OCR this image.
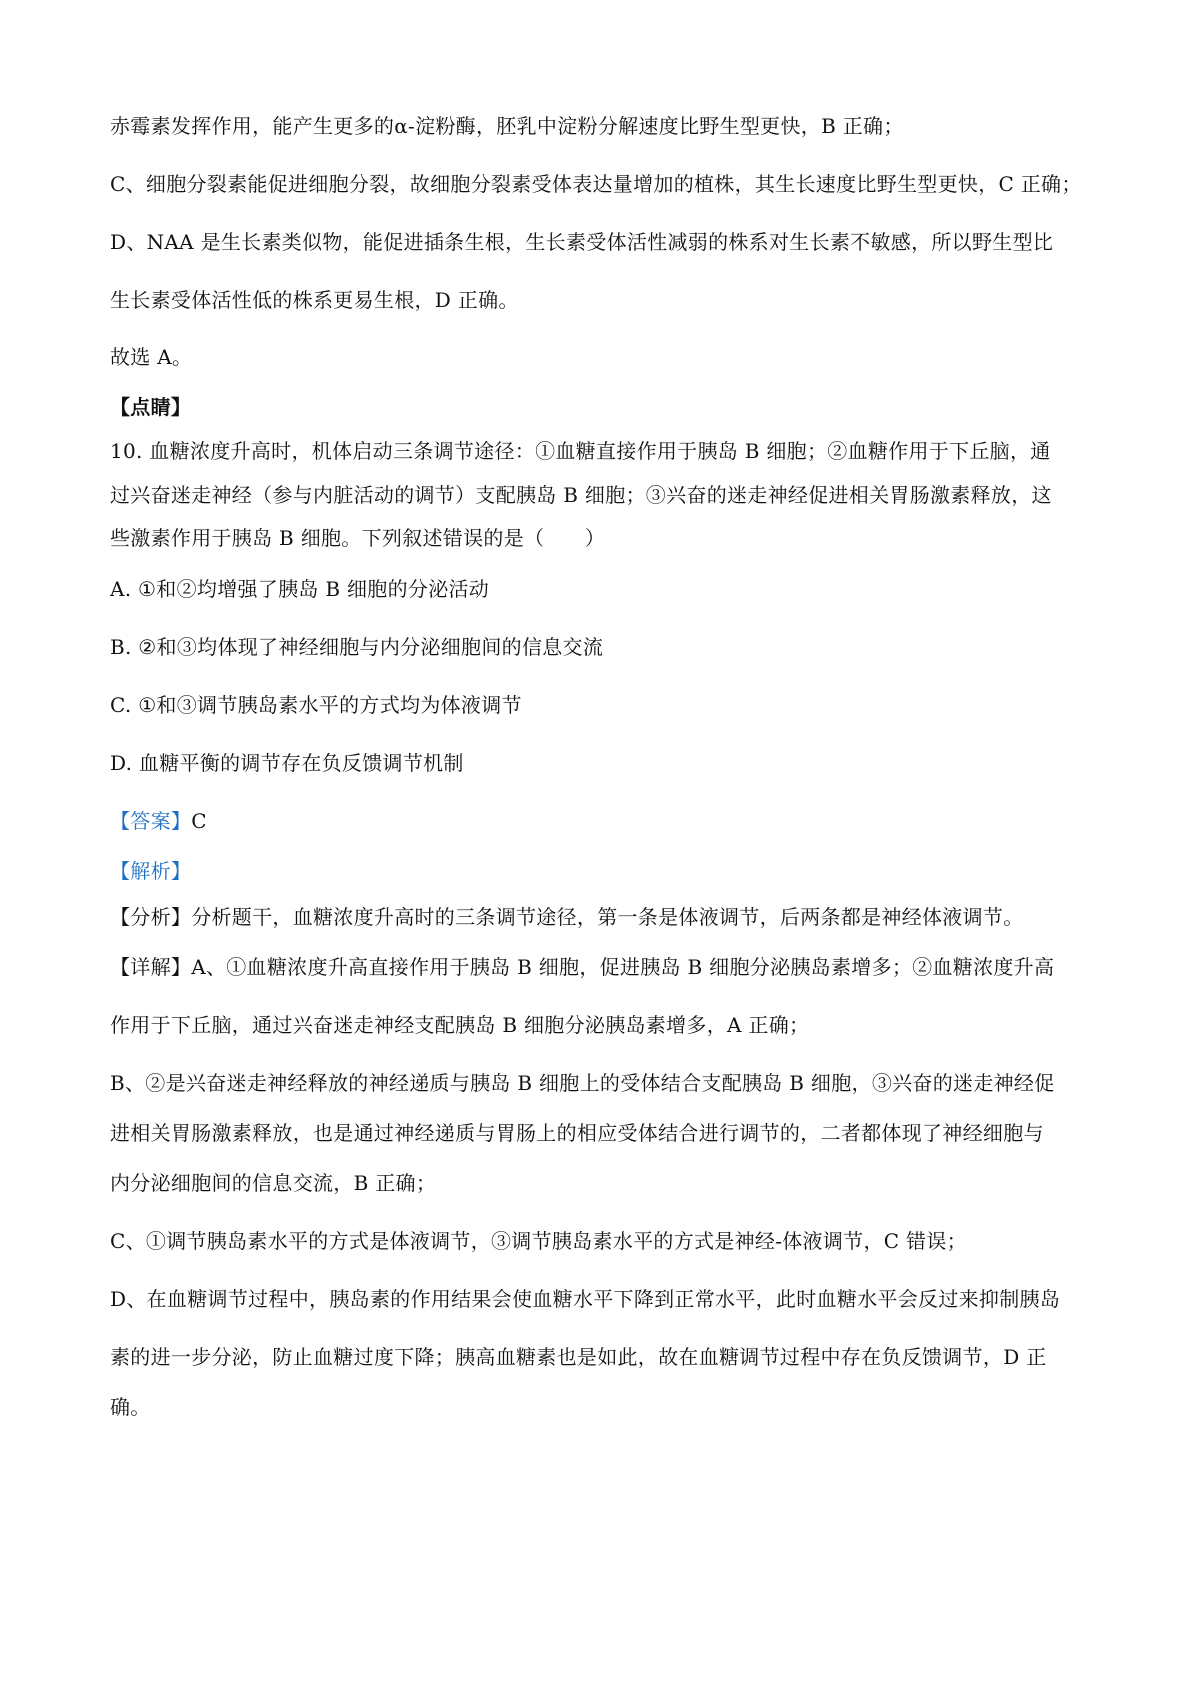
赤霉素发挥作用，能产生更多的α-淀粉酶，胚乳中淀粉分解速度比野生型更快，B 正确；
C、细胞分裂素能促进细胞分裂，故细胞分裂素受体表达量增加的植株，其生长速度比野生型更快，C 正确；
D、NAA 是生长素类似物，能促进插条生根，生长素受体活性减弱的株系对生长素不敏感，所以野生型比
生长素受体活性低的株系更易生根，D 正确。
故选 A。
【点睛】
10. 血糖浓度升高时，机体启动三条调节途径：①血糖直接作用于胰岛 B 细胞；②血糖作用于下丘脑，通
过兴奋迷走神经（参与内脏活动的调节）支配胰岛 B 细胞；③兴奋的迷走神经促进相关胃肠激素释放，这
些激素作用于胰岛 B 细胞。下列叙述错误的是（　　）
A. ①和②均增强了胰岛 B 细胞的分泌活动
B. ②和③均体现了神经细胞与内分泌细胞间的信息交流
C. ①和③调节胰岛素水平的方式均为体液调节
D. 血糖平衡的调节存在负反馈调节机制
【答案】C
【解析】
【分析】分析题干，血糖浓度升高时的三条调节途径，第一条是体液调节，后两条都是神经体液调节。
【详解】A、①血糖浓度升高直接作用于胰岛 B 细胞，促进胰岛 B 细胞分泌胰岛素增多；②血糖浓度升高
作用于下丘脑，通过兴奋迷走神经支配胰岛 B 细胞分泌胰岛素增多，A 正确；
B、②是兴奋迷走神经释放的神经递质与胰岛 B 细胞上的受体结合支配胰岛 B 细胞，③兴奋的迷走神经促
进相关胃肠激素释放，也是通过神经递质与胃肠上的相应受体结合进行调节的，二者都体现了神经细胞与
内分泌细胞间的信息交流，B 正确；
C、①调节胰岛素水平的方式是体液调节，③调节胰岛素水平的方式是神经-体液调节，C 错误；
D、在血糖调节过程中，胰岛素的作用结果会使血糖水平下降到正常水平，此时血糖水平会反过来抑制胰岛
素的进一步分泌，防止血糖过度下降；胰高血糖素也是如此，故在血糖调节过程中存在负反馈调节，D 正
确。
